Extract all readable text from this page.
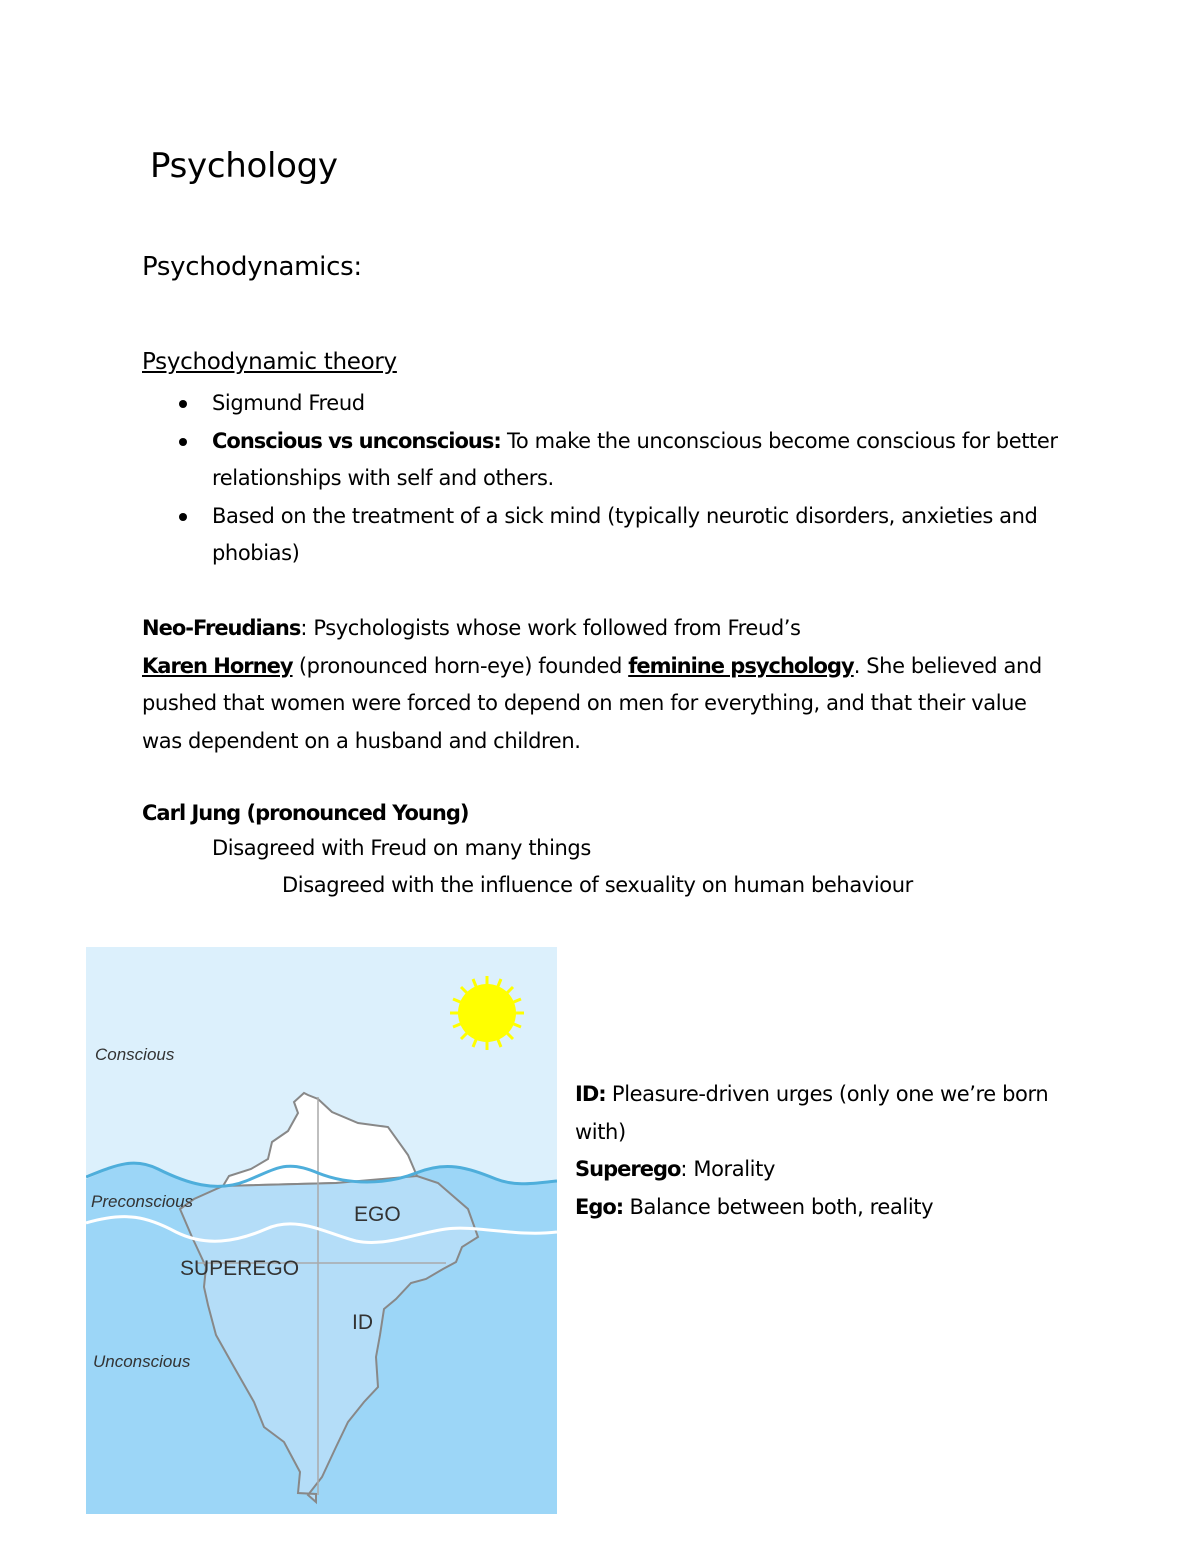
Psychology
Psychodynamics:
Psychodynamic theory
Sigmund Freud
Conscious vs unconscious: To make the unconscious become conscious for better relationships with self and others.
Based on the treatment of a sick mind (typically neurotic disorders, anxieties and phobias)
Neo-Freudians: Psychologists whose work followed from Freud’s
Karen Horney (pronounced horn-eye) founded feminine psychology. She believed and pushed that women were forced to depend on men for everything, and that their value was dependent on a husband and children.
Carl Jung (pronounced Young)
Disagreed with Freud on many things
Disagreed with the influence of sexuality on human behaviour
Conscious
Preconscious
Unconscious
EGO
SUPEREGO
ID
ID: Pleasure-driven urges (only one we’re born with)
Superego: Morality
Ego: Balance between both, reality
